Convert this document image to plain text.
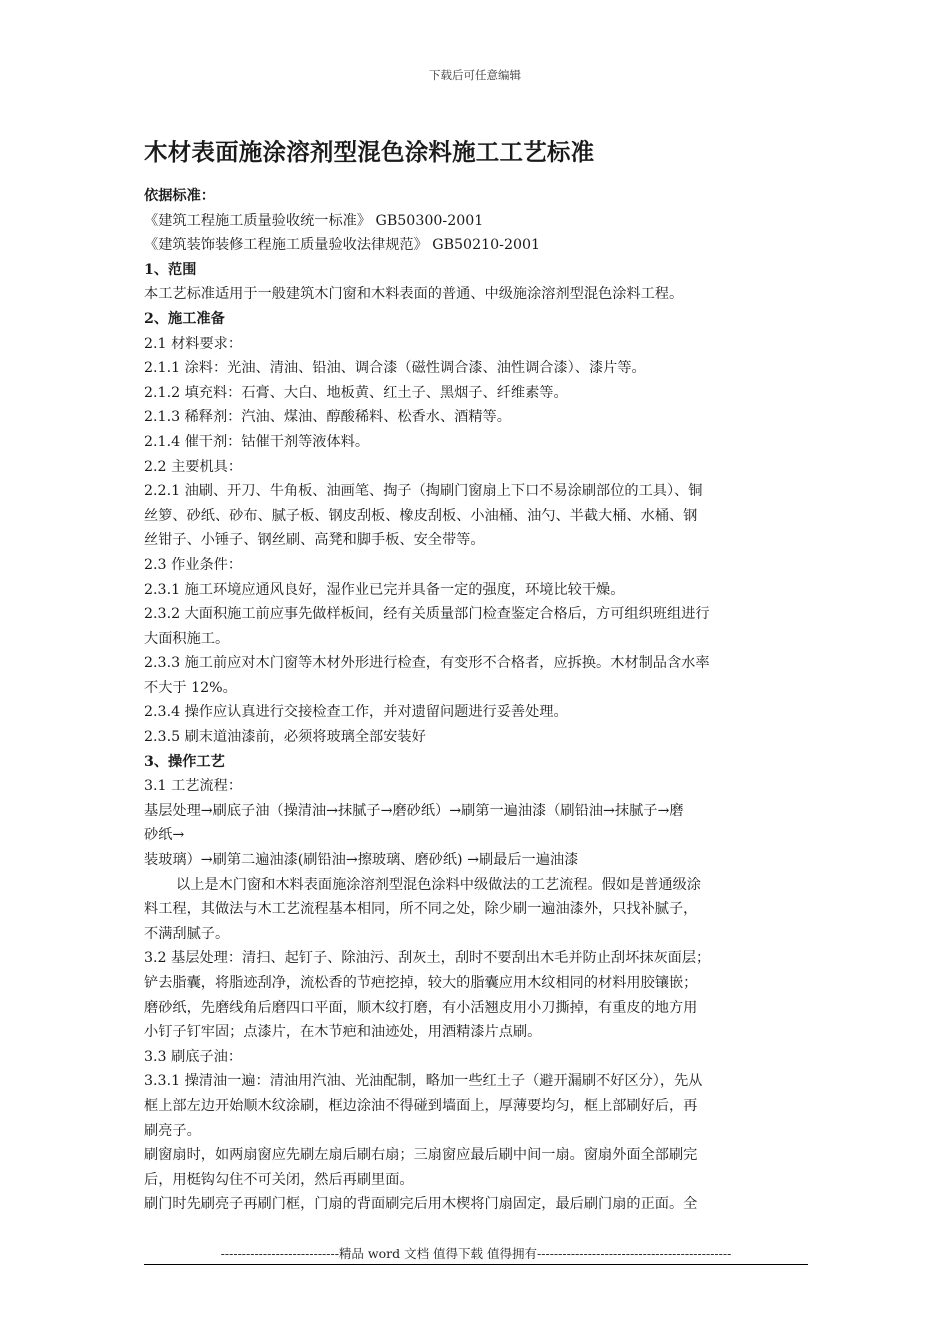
下载后可任意编辑
木材表面施涂溶剂型混色涂料施工工艺标准

依据标准：

《建筑工程施工质量验收统一标准》 GB50300-2001

《建筑装饰装修工程施工质量验收法律规范》 GB50210-2001

1、范围

本工艺标准适用于一般建筑木门窗和木料表面的普通、中级施涂溶剂型混色涂料工程。

2、施工准备

2.1 材料要求：

2.1.1 涂料：光油、清油、铅油、调合漆（磁性调合漆、油性调合漆）、漆片等。

2.1.2 填充料：石膏、大白、地板黄、红土子、黑烟子、纤维素等。

2.1.3 稀释剂：汽油、煤油、醇酸稀料、松香水、酒精等。

2.1.4 催干剂：钴催干剂等液体料。

2.2 主要机具：

2.2.1 油刷、开刀、牛角板、油画笔、掏子（掏刷门窗扇上下口不易涂刷部位的工具）、铜

丝箩、砂纸、砂布、腻子板、钢皮刮板、橡皮刮板、小油桶、油勺、半截大桶、水桶、钢

丝钳子、小锤子、钢丝刷、高凳和脚手板、安全带等。

2.3 作业条件：

2.3.1 施工环境应通风良好，湿作业已完并具备一定的强度，环境比较干燥。

2.3.2 大面积施工前应事先做样板间，经有关质量部门检查鉴定合格后，方可组织班组进行

大面积施工。

2.3.3 施工前应对木门窗等木材外形进行检查，有变形不合格者，应拆换。木材制品含水率

不大于 12%。

2.3.4 操作应认真进行交接检查工作，并对遗留问题进行妥善处理。

2.3.5 刷末道油漆前，必须将玻璃全部安装好

3、操作工艺

3.1 工艺流程：

基层处理→刷底子油（操清油→抹腻子→磨砂纸）→刷第一遍油漆（刷铅油→抹腻子→磨

砂纸→

装玻璃）→刷第二遍油漆(刷铅油→擦玻璃、磨砂纸) →刷最后一遍油漆

以上是木门窗和木料表面施涂溶剂型混色涂料中级做法的工艺流程。假如是普通级涂

料工程，其做法与木工艺流程基本相同，所不同之处，除少刷一遍油漆外，只找补腻子，

不满刮腻子。

3.2 基层处理：清扫、起钉子、除油污、刮灰土，刮时不要刮出木毛并防止刮坏抹灰面层；

铲去脂囊，将脂迹刮净，流松香的节疤挖掉，较大的脂囊应用木纹相同的材料用胶镶嵌；

磨砂纸，先磨线角后磨四口平面，顺木纹打磨，有小活翘皮用小刀撕掉，有重皮的地方用

小钉子钉牢固；点漆片，在木节疤和油迹处，用酒精漆片点刷。

3.3 刷底子油：

3.3.1 操清油一遍：清油用汽油、光油配制，略加一些红土子（避开漏刷不好区分），先从

框上部左边开始顺木纹涂刷，框边涂油不得碰到墙面上，厚薄要均匀，框上部刷好后，再

刷亮子。

刷窗扇时，如两扇窗应先刷左扇后刷右扇；三扇窗应最后刷中间一扇。窗扇外面全部刷完

后，用梃钩勾住不可关闭，然后再刷里面。

刷门时先刷亮子再刷门框，门扇的背面刷完后用木楔将门扇固定，最后刷门扇的正面。全

----------------------------精品 word 文档 值得下载 值得拥有----------------------------------------------
